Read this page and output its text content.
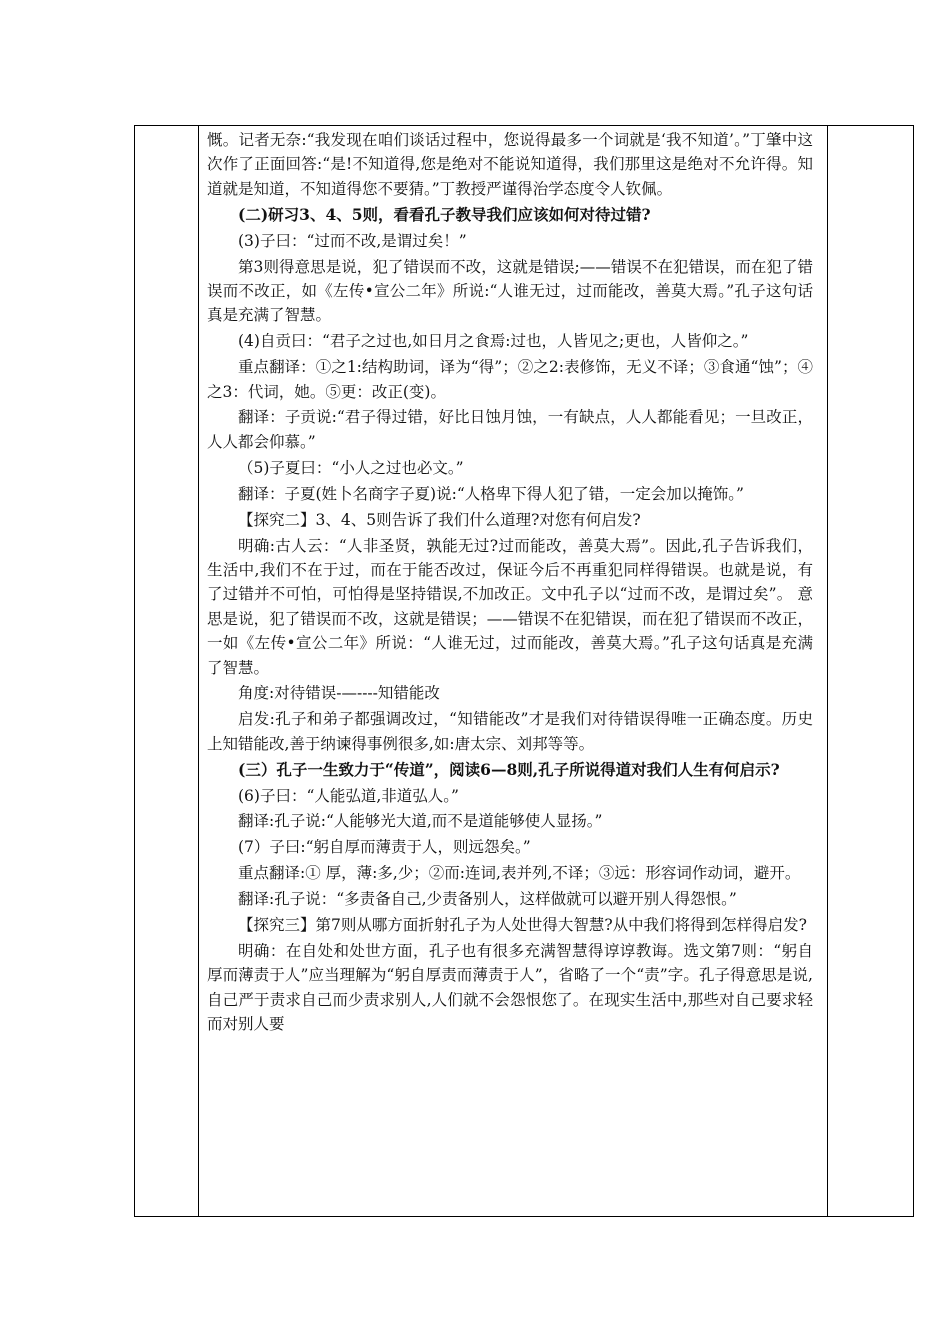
慨。记者无奈:“我发现在咱们谈话过程中，您说得最多一个词就是‘我不知道’。”丁肇中这次作了正面回答:“是!不知道得,您是绝对不能说知道得，我们那里这是绝对不允许得。知道就是知道，不知道得您不要猜。”丁教授严谨得治学态度令人钦佩。

(二)研习3、4、5则，看看孔子教导我们应该如何对待过错?

(3)子曰：“过而不改,是谓过矣！”

第3则得意思是说，犯了错误而不改，这就是错误;——错误不在犯错误，而在犯了错误而不改正，如《左传•宣公二年》所说:“人谁无过，过而能改，善莫大焉。”孔子这句话真是充满了智慧。

(4)自贡曰：“君子之过也,如日月之食焉:过也，人皆见之;更也，人皆仰之。”

重点翻译：①之1:结构助词，译为“得”；②之2:表修饰，无义不译；③食通“蚀”；④之3：代词，她。⑤更：改正(变)。

翻译：子贡说:“君子得过错，好比日蚀月蚀，一有缺点，人人都能看见；一旦改正，人人都会仰慕。”

（5)子夏曰：“小人之过也必文。”

翻译：子夏(姓卜名商字子夏)说:“人格卑下得人犯了错，一定会加以掩饰。”

【探究二】3、4、5则告诉了我们什么道理?对您有何启发?

明确:古人云：“人非圣贤，孰能无过?过而能改，善莫大焉”。因此,孔子告诉我们，生活中,我们不在于过，而在于能否改过，保证今后不再重犯同样得错误。也就是说，有了过错并不可怕，可怕得是坚持错误,不加改正。文中孔子以“过而不改，是谓过矣”。 意思是说，犯了错误而不改，这就是错误；——错误不在犯错误，而在犯了错误而不改正，一如《左传•宣公二年》所说：“人谁无过，过而能改，善莫大焉。”孔子这句话真是充满了智慧。

角度:对待错误-—----知错能改

启发:孔子和弟子都强调改过，“知错能改”才是我们对待错误得唯一正确态度。历史上知错能改,善于纳谏得事例很多,如:唐太宗、刘邦等等。

(三）孔子一生致力于“传道”，阅读6—8则,孔子所说得道对我们人生有何启示?

(6)子曰：“人能弘道,非道弘人。”

翻译:孔子说:“人能够光大道,而不是道能够使人显扬。”

(7）子曰:“躬自厚而薄责于人，则远怨矣。”

重点翻译:① 厚，薄:多,少；②而:连词,表并列,不译；③远：形容词作动词，避开。

翻译:孔子说：“多责备自己,少责备别人，这样做就可以避开别人得怨恨。”

【探究三】第7则从哪方面折射孔子为人处世得大智慧?从中我们将得到怎样得启发?

明确：在自处和处世方面，孔子也有很多充满智慧得谆谆教诲。选文第7则：“躬自厚而薄责于人”应当理解为“躬自厚责而薄责于人”，省略了一个“责”字。孔子得意思是说,自己严于责求自己而少责求别人,人们就不会怨恨您了。在现实生活中,那些对自己要求轻而对别人要
